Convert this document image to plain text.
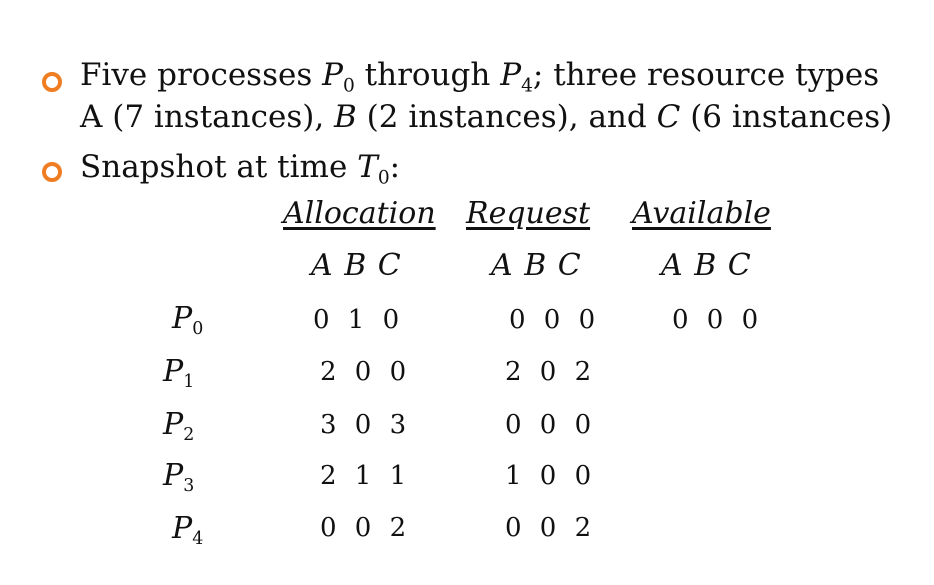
Five processes $P_0$ through $P_4$; three resource types
A (7 instances), B (2 instances), and C (6 instances)
Snapshot at time $T_0$:
Allocation Request Available
A B C	A B C	A B C
$P_0$	0 1 0	0 0 0	0 0 0
$P_1$	2 0 0	2 0 2
$P_2$	3 0 3	0 0 0
$P_3$	2 1 1	1 0 0
$P_4$	0 0 2	0 0 2
